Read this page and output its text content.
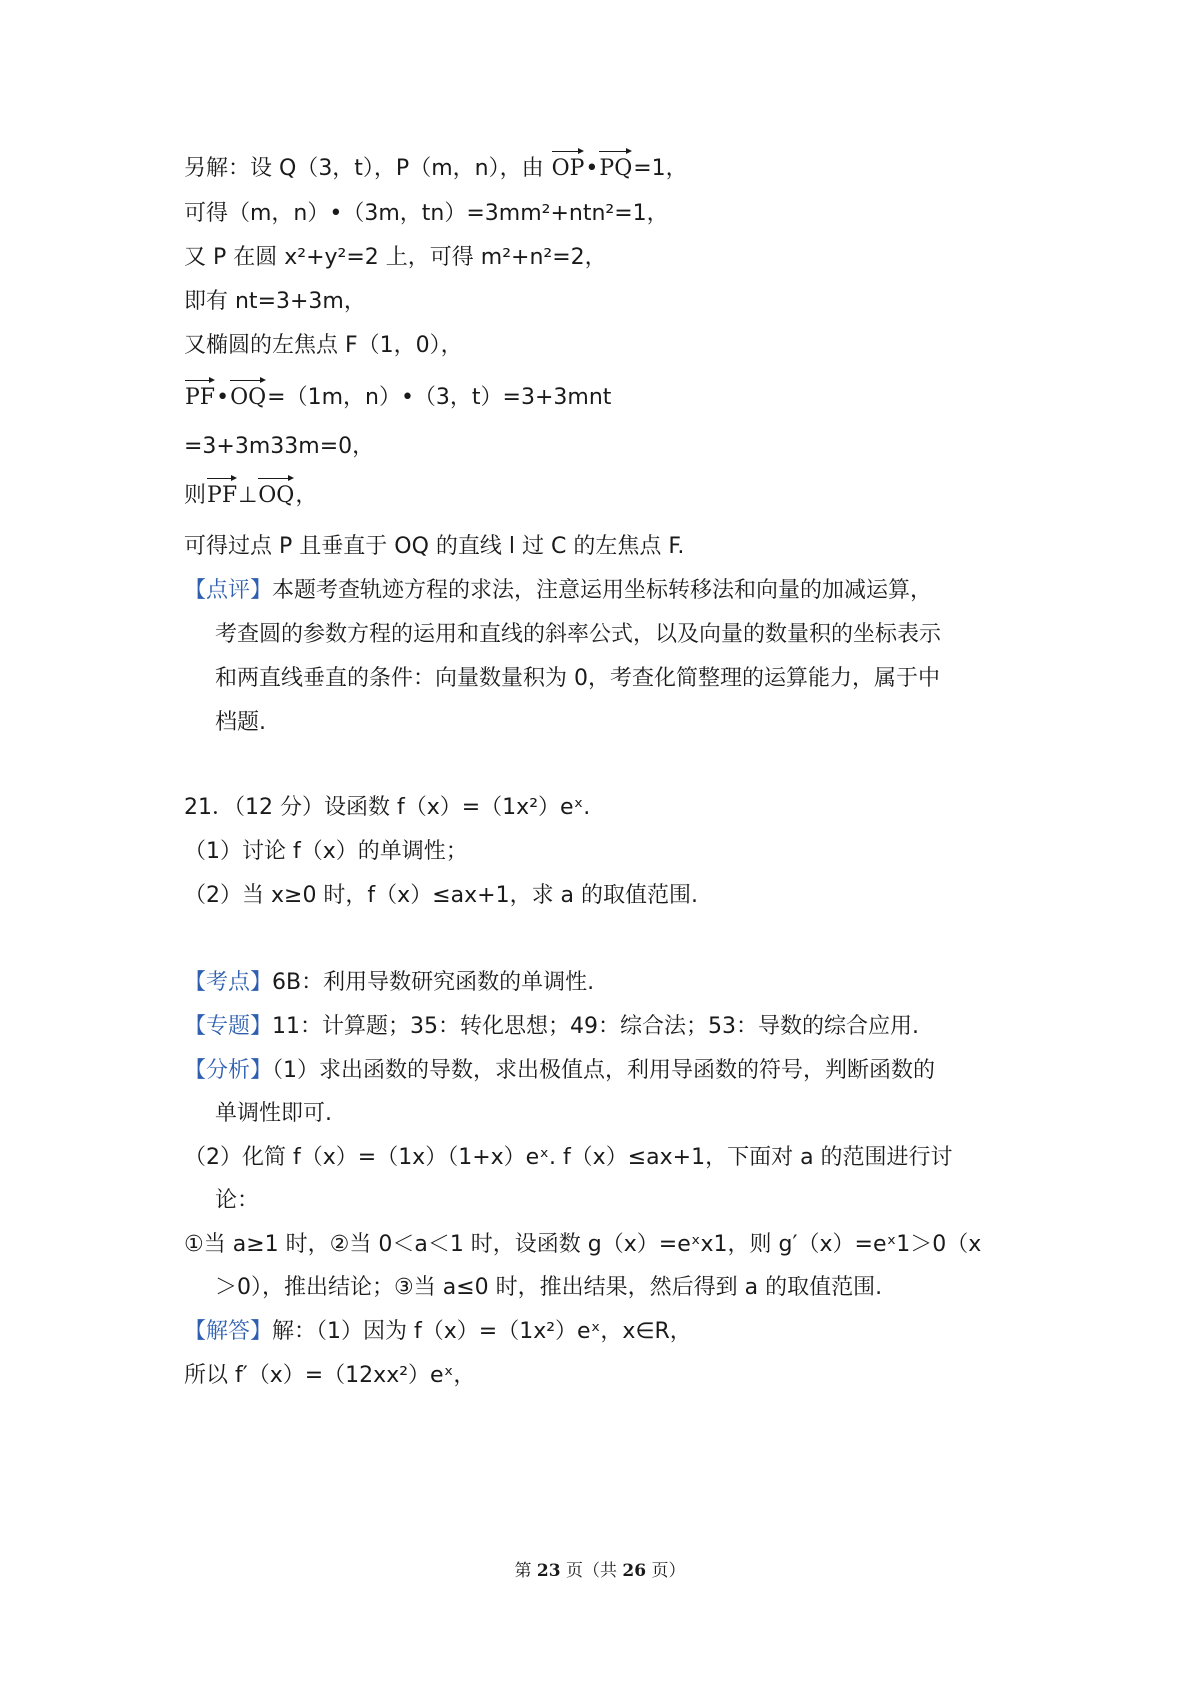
另解：设 Q（3，t），P（m，n），由 OP•PQ=1，
可得（m，n）•（3m，tn）=3mm²+ntn²=1，
又 P 在圆 x²+y²=2 上，可得 m²+n²=2，
即有 nt=3+3m，
又椭圆的左焦点 F（1，0），
PF•OQ=（1m，n）•（3，t）=3+3mnt
=3+3m33m=0，
则PF⊥OQ，
可得过点 P 且垂直于 OQ 的直线 l 过 C 的左焦点 F.
【点评】本题考查轨迹方程的求法，注意运用坐标转移法和向量的加减运算，
考查圆的参数方程的运用和直线的斜率公式，以及向量的数量积的坐标表示
和两直线垂直的条件：向量数量积为 0，考查化简整理的运算能力，属于中
档题.
21．（12 分）设函数 f（x）=（1x²）eˣ.
（1）讨论 f（x）的单调性；
（2）当 x≥0 时，f（x）≤ax+1，求 a 的取值范围.
【考点】6B：利用导数研究函数的单调性.
【专题】11：计算题；35：转化思想；49：综合法；53：导数的综合应用.
【分析】（1）求出函数的导数，求出极值点，利用导函数的符号，判断函数的
单调性即可.
（2）化简 f（x）=（1x）（1+x）eˣ. f（x）≤ax+1，下面对 a 的范围进行讨
论：
①当 a≥1 时，②当 0＜a＜1 时，设函数 g（x）=eˣx1，则 g′（x）=eˣ1＞0（x
＞0），推出结论；③当 a≤0 时，推出结果，然后得到 a 的取值范围.
【解答】解：（1）因为 f（x）=（1x²）eˣ，x∈R，
所以 f′（x）=（12xx²）eˣ，
第 23 页（共 26 页）
